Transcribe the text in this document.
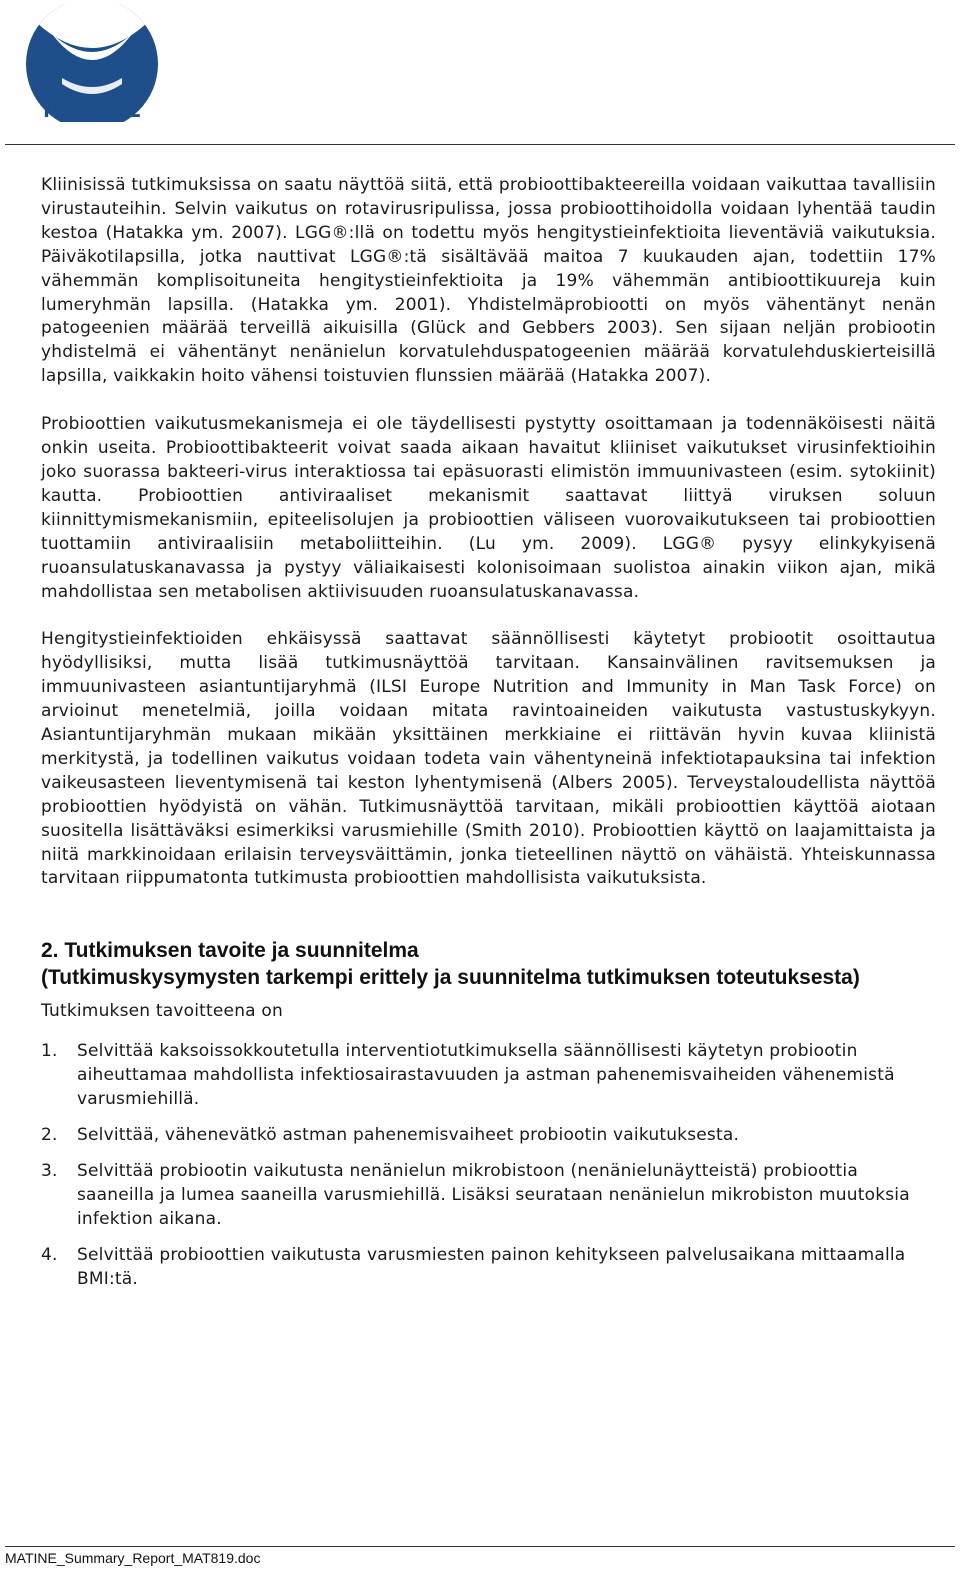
MATINE

Kliinisissä tutkimuksissa on saatu näyttöä siitä, että probioottibakteereilla voidaan vaikuttaa tavallisiin virustauteihin. Selvin vaikutus on rotavirusripulissa, jossa probioottihoidolla voidaan lyhentää taudin kestoa (Hatakka ym. 2007). LGG®:llä on todettu myös hengitystieinfektioita lieventäviä vaikutuksia. Päiväkotilapsilla, jotka nauttivat LGG®:tä sisältävää maitoa 7 kuukauden ajan, todettiin 17% vähemmän komplisoituneita hengitystieinfektioita ja 19% vähemmän antibioottikuureja kuin lumeryhmän lapsilla. (Hatakka ym. 2001). Yhdistelmäprobiootti on myös vähentänyt nenän patogeenien määrää terveillä aikuisilla (Glück and Gebbers 2003). Sen sijaan neljän probiootin yhdistelmä ei vähentänyt nenänielun korvatulehduspatogeenien määrää korvatulehduskierteisillä lapsilla, vaikkakin hoito vähensi toistuvien flunssien määrää (Hatakka 2007).

Probioottien vaikutusmekanismeja ei ole täydellisesti pystytty osoittamaan ja todennäköisesti näitä onkin useita. Probioottibakteerit voivat saada aikaan havaitut kliiniset vaikutukset virusinfektioihin joko suorassa bakteeri-virus interaktiossa tai epäsuorasti elimistön immuunivasteen (esim. sytokiinit) kautta. Probioottien antiviraaliset mekanismit saattavat liittyä viruksen soluun kiinnittymismekanismiin, epiteelisolujen ja probioottien väliseen vuorovaikutukseen tai probioottien tuottamiin antiviraalisiin metaboliitteihin. (Lu ym. 2009). LGG® pysyy elinkykyisenä ruoansulatuskanavassa ja pystyy väliaikaisesti kolonisoimaan suolistoa ainakin viikon ajan, mikä mahdollistaa sen metabolisen aktiivisuuden ruoansulatuskanavassa.

Hengitystieinfektioiden ehkäisyssä saattavat säännöllisesti käytetyt probiootit osoittautua hyödyllisiksi, mutta lisää tutkimusnäyttöä tarvitaan. Kansainvälinen ravitsemuksen ja immuunivasteen asiantuntijaryhmä (ILSI Europe Nutrition and Immunity in Man Task Force) on arvioinut menetelmiä, joilla voidaan mitata ravintoaineiden vaikutusta vastustuskykyyn. Asiantuntijaryhmän mukaan mikään yksittäinen merkkiaine ei riittävän hyvin kuvaa kliinistä merkitystä, ja todellinen vaikutus voidaan todeta vain vähentyneinä infektiotapauksina tai infektion vaikeusasteen lieventymisenä tai keston lyhentymisenä (Albers 2005). Terveystaloudellista näyttöä probioottien hyödyistä on vähän. Tutkimusnäyttöä tarvitaan, mikäli probioottien käyttöä aiotaan suositella lisättäväksi esimerkiksi varusmiehille (Smith 2010). Probioottien käyttö on laajamittaista ja niitä markkinoidaan erilaisin terveysväittämin, jonka tieteellinen näyttö on vähäistä. Yhteiskunnassa tarvitaan riippumatonta tutkimusta probioottien mahdollisista vaikutuksista.

2. Tutkimuksen tavoite ja suunnitelma
(Tutkimuskysymysten tarkempi erittely ja suunnitelma tutkimuksen toteutuksesta)

Tutkimuksen tavoitteena on

1.	Selvittää kaksoissokkoutetulla interventiotutkimuksella säännöllisesti käytetyn probiootin aiheuttamaa mahdollista infektiosairastavuuden ja astman pahenemisvaiheiden vähenemistä varusmiehillä.
2.	Selvittää, vähenevätkö astman pahenemisvaiheet probiootin vaikutuksesta.
3.	Selvittää probiootin vaikutusta nenänielun mikrobistoon (nenänielunäytteistä) probioottia saaneilla ja lumea saaneilla varusmiehillä. Lisäksi seurataan nenänielun mikrobiston muutoksia infektion aikana.
4.	Selvittää probioottien vaikutusta varusmiesten painon kehitykseen palvelusaikana mittaamalla BMI:tä.
MATINE_Summary_Report_MAT819.doc
